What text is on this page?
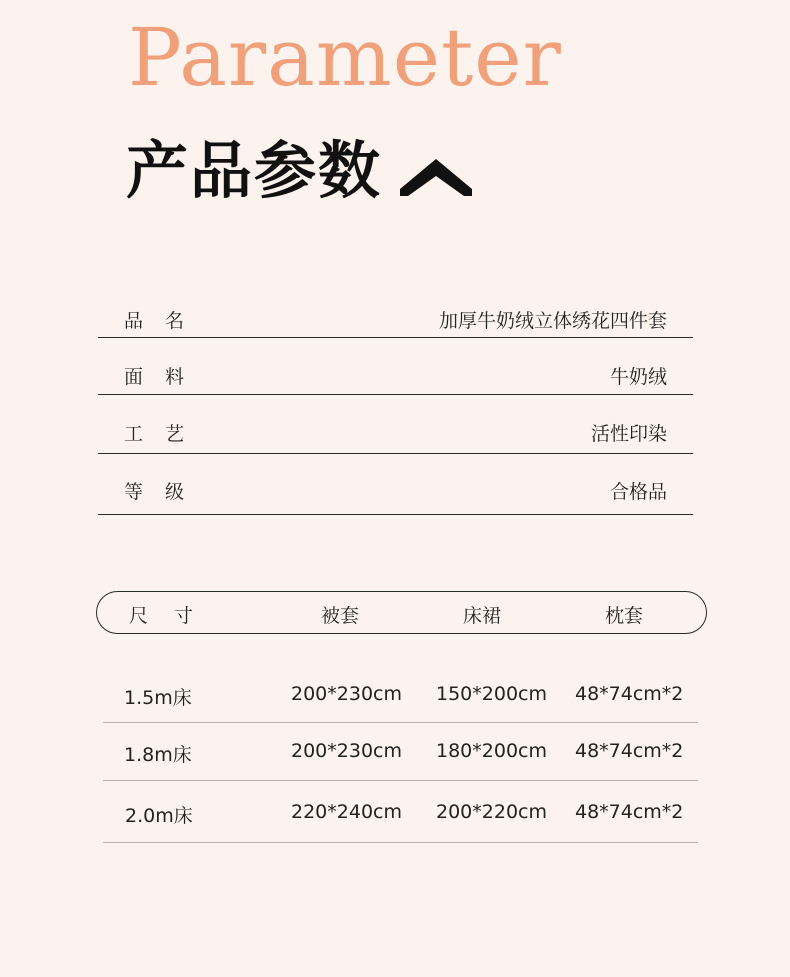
Parameter
产品参数
品名	加厚牛奶绒立体绣花四件套
面料	牛奶绒
工艺	活性印染
等级	合格品
尺寸	被套	床裙	枕套
1.5m床	200*230cm 150*200cm 48*74cm*2
1.8m床	200*230cm 180*200cm 48*74cm*2
2.0m床	220*240cm 200*220cm 48*74cm*2
